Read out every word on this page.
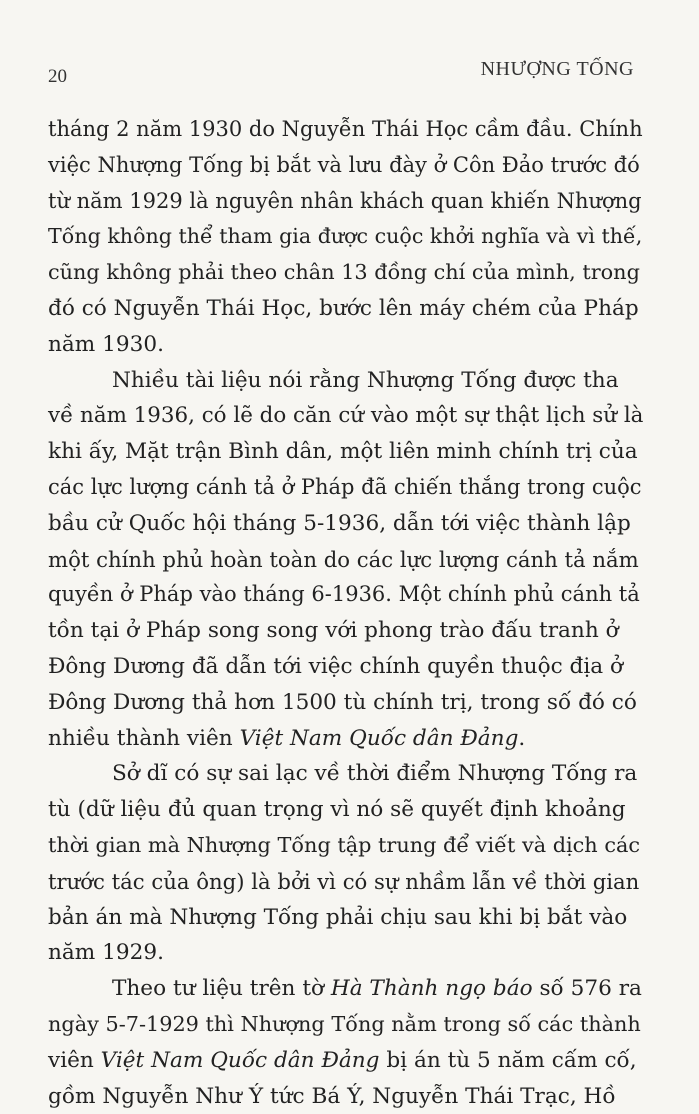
20	NHƯỢNG TỐNG

tháng 2 năm 1930 do Nguyễn Thái Học cầm đầu. Chính
việc Nhượng Tống bị bắt và lưu đày ở Côn Đảo trước đó
từ năm 1929 là nguyên nhân khách quan khiến Nhượng
Tống không thể tham gia được cuộc khởi nghĩa và vì thế,
cũng không phải theo chân 13 đồng chí của mình, trong
đó có Nguyễn Thái Học, bước lên máy chém của Pháp
năm 1930.

Nhiều tài liệu nói rằng Nhượng Tống được tha
về năm 1936, có lẽ do căn cứ vào một sự thật lịch sử là
khi ấy, Mặt trận Bình dân, một liên minh chính trị của
các lực lượng cánh tả ở Pháp đã chiến thắng trong cuộc
bầu cử Quốc hội tháng 5-1936, dẫn tới việc thành lập
một chính phủ hoàn toàn do các lực lượng cánh tả nắm
quyền ở Pháp vào tháng 6-1936. Một chính phủ cánh tả
tồn tại ở Pháp song song với phong trào đấu tranh ở
Đông Dương đã dẫn tới việc chính quyền thuộc địa ở
Đông Dương thả hơn 1500 tù chính trị, trong số đó có
nhiều thành viên Việt Nam Quốc dân Đảng.

Sở dĩ có sự sai lạc về thời điểm Nhượng Tống ra
tù (dữ liệu đủ quan trọng vì nó sẽ quyết định khoảng
thời gian mà Nhượng Tống tập trung để viết và dịch các
trước tác của ông) là bởi vì có sự nhầm lẫn về thời gian
bản án mà Nhượng Tống phải chịu sau khi bị bắt vào
năm 1929.

Theo tư liệu trên tờ Hà Thành ngọ báo số 576 ra
ngày 5-7-1929 thì Nhượng Tống nằm trong số các thành
viên Việt Nam Quốc dân Đảng bị án tù 5 năm cấm cố,
gồm Nguyễn Như Ý tức Bá Ý, Nguyễn Thái Trạc, Hồ
